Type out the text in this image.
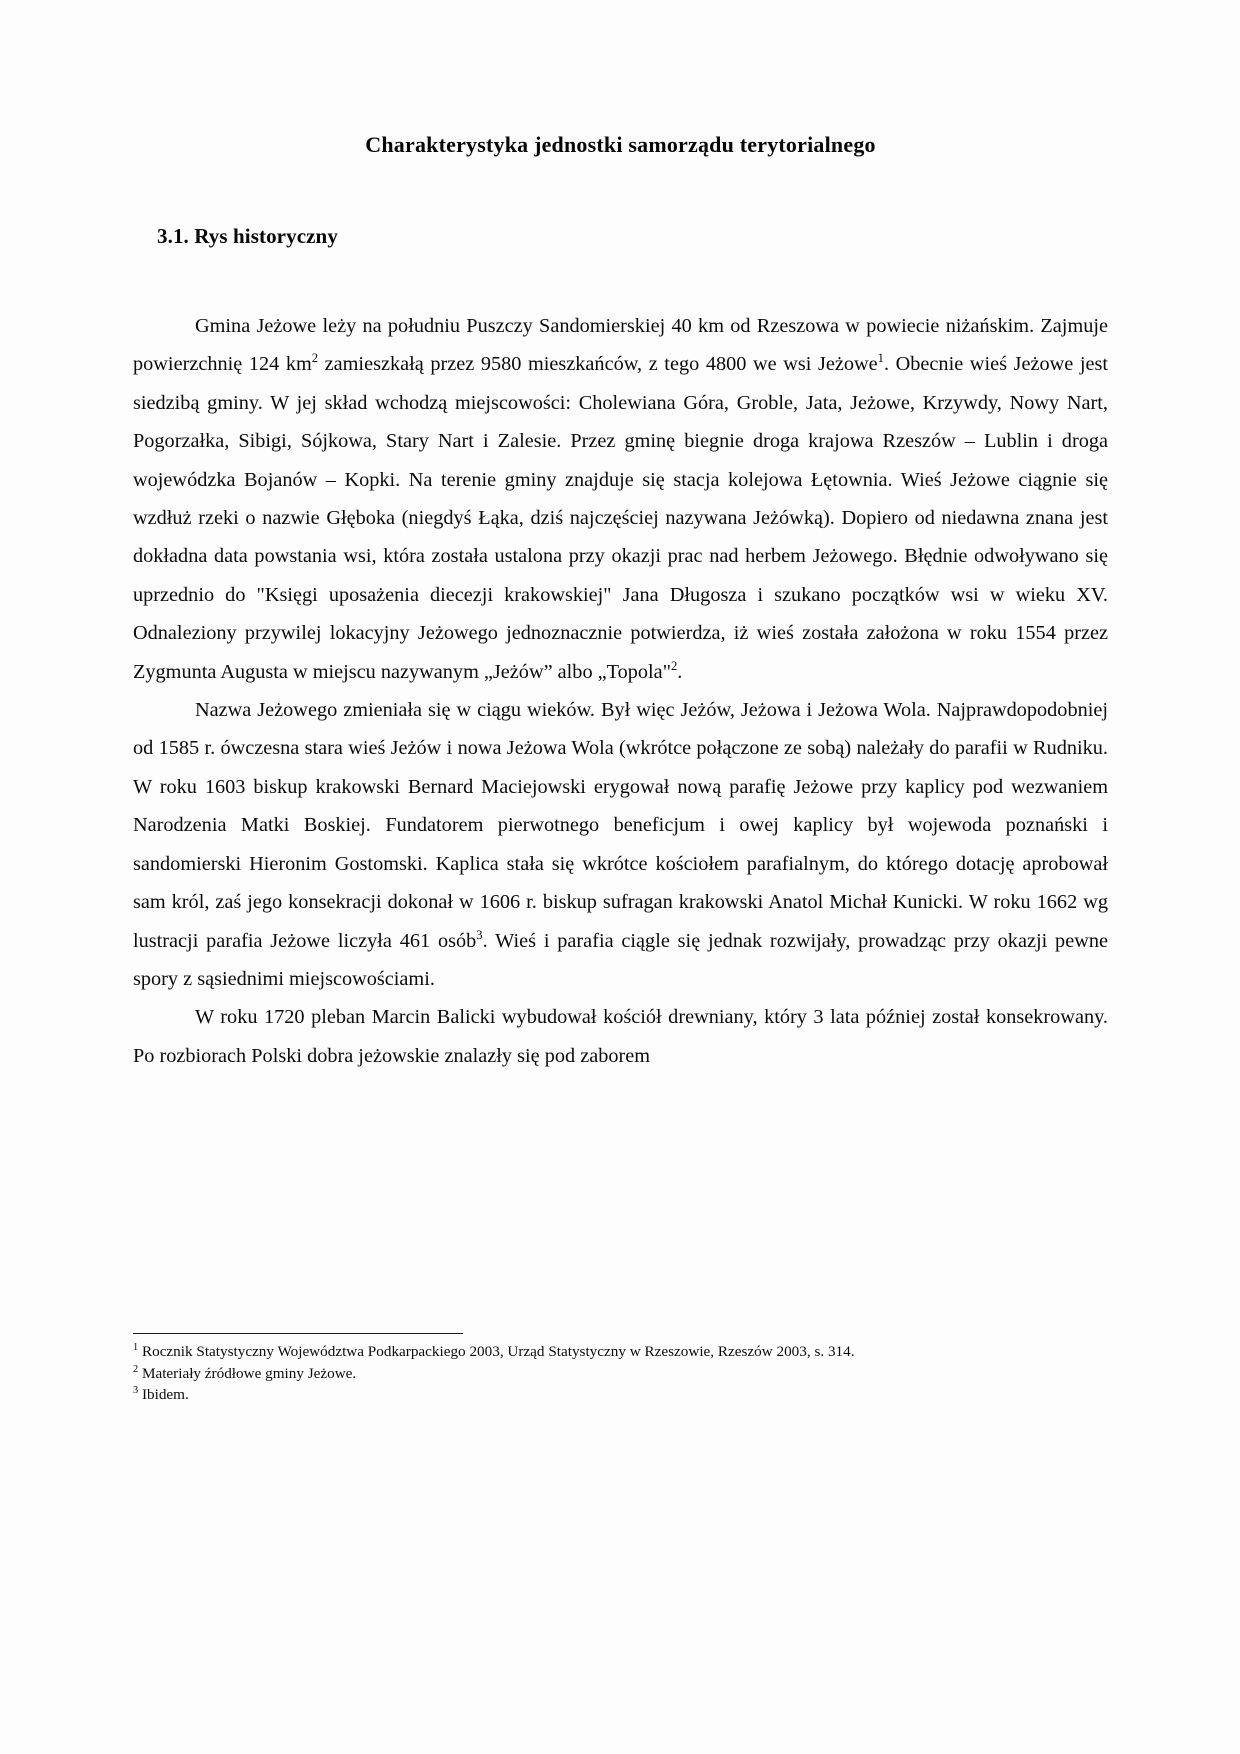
Charakterystyka jednostki samorządu terytorialnego
3.1. Rys historyczny

Gmina Jeżowe leży na południu Puszczy Sandomierskiej 40 km od Rzeszowa w powiecie niżańskim. Zajmuje powierzchnię 124 $km^2$ zamieszkałą przez 9580 mieszkańców, z tego 4800 we wsi Jeżowe$^1$. Obecnie wieś Jeżowe jest siedzibą gminy. W jej skład wchodzą miejscowości: Cholewiana Góra, Groble, Jata, Jeżowe, Krzywdy, Nowy Nart, Pogorzałka, Sibigi, Sójkowa, Stary Nart i Zalesie. Przez gminę biegnie droga krajowa Rzeszów – Lublin i droga wojewódzka Bojanów – Kopki. Na terenie gminy znajduje się stacja kolejowa Łętownia. Wieś Jeżowe ciągnie się wzdłuż rzeki o nazwie Głęboka (niegdyś Łąka, dziś najczęściej nazywana Jeżówką). Dopiero od niedawna znana jest dokładna data powstania wsi, która została ustalona przy okazji prac nad herbem Jeżowego. Błędnie odwoływano się uprzednio do "Księgi uposażenia diecezji krakowskiej" Jana Długosza i szukano początków wsi w wieku XV. Odnaleziony przywilej lokacyjny Jeżowego jednoznacznie potwierdza, iż wieś została założona w roku 1554 przez Zygmunta Augusta w miejscu nazywanym „Jeżów” albo „Topola"$^2$.

Nazwa Jeżowego zmieniała się w ciągu wieków. Był więc Jeżów, Jeżowa i Jeżowa Wola. Najprawdopodobniej od 1585 r. ówczesna stara wieś Jeżów i nowa Jeżowa Wola (wkrótce połączone ze sobą) należały do parafii w Rudniku. W roku 1603 biskup krakowski Bernard Maciejowski erygował nową parafię Jeżowe przy kaplicy pod wezwaniem Narodzenia Matki Boskiej. Fundatorem pierwotnego beneficjum i owej kaplicy był wojewoda poznański i sandomierski Hieronim Gostomski. Kaplica stała się wkrótce kościołem parafialnym, do którego dotację aprobował sam król, zaś jego konsekracji dokonał w 1606 r. biskup sufragan krakowski Anatol Michał Kunicki. W roku 1662 wg lustracji parafia Jeżowe liczyła 461 osób$^3$. Wieś i parafia ciągle się jednak rozwijały, prowadząc przy okazji pewne spory z sąsiednimi miejscowościami.

W roku 1720 pleban Marcin Balicki wybudował kościół drewniany, który 3 lata później został konsekrowany. Po rozbiorach Polski dobra jeżowskie znalazły się pod zaborem

$^1$ Rocznik Statystyczny Województwa Podkarpackiego 2003, Urząd Statystyczny w Rzeszowie, Rzeszów 2003, s. 314.

$^2$ Materiały źródłowe gminy Jeżowe.

$^3$ Ibidem.
